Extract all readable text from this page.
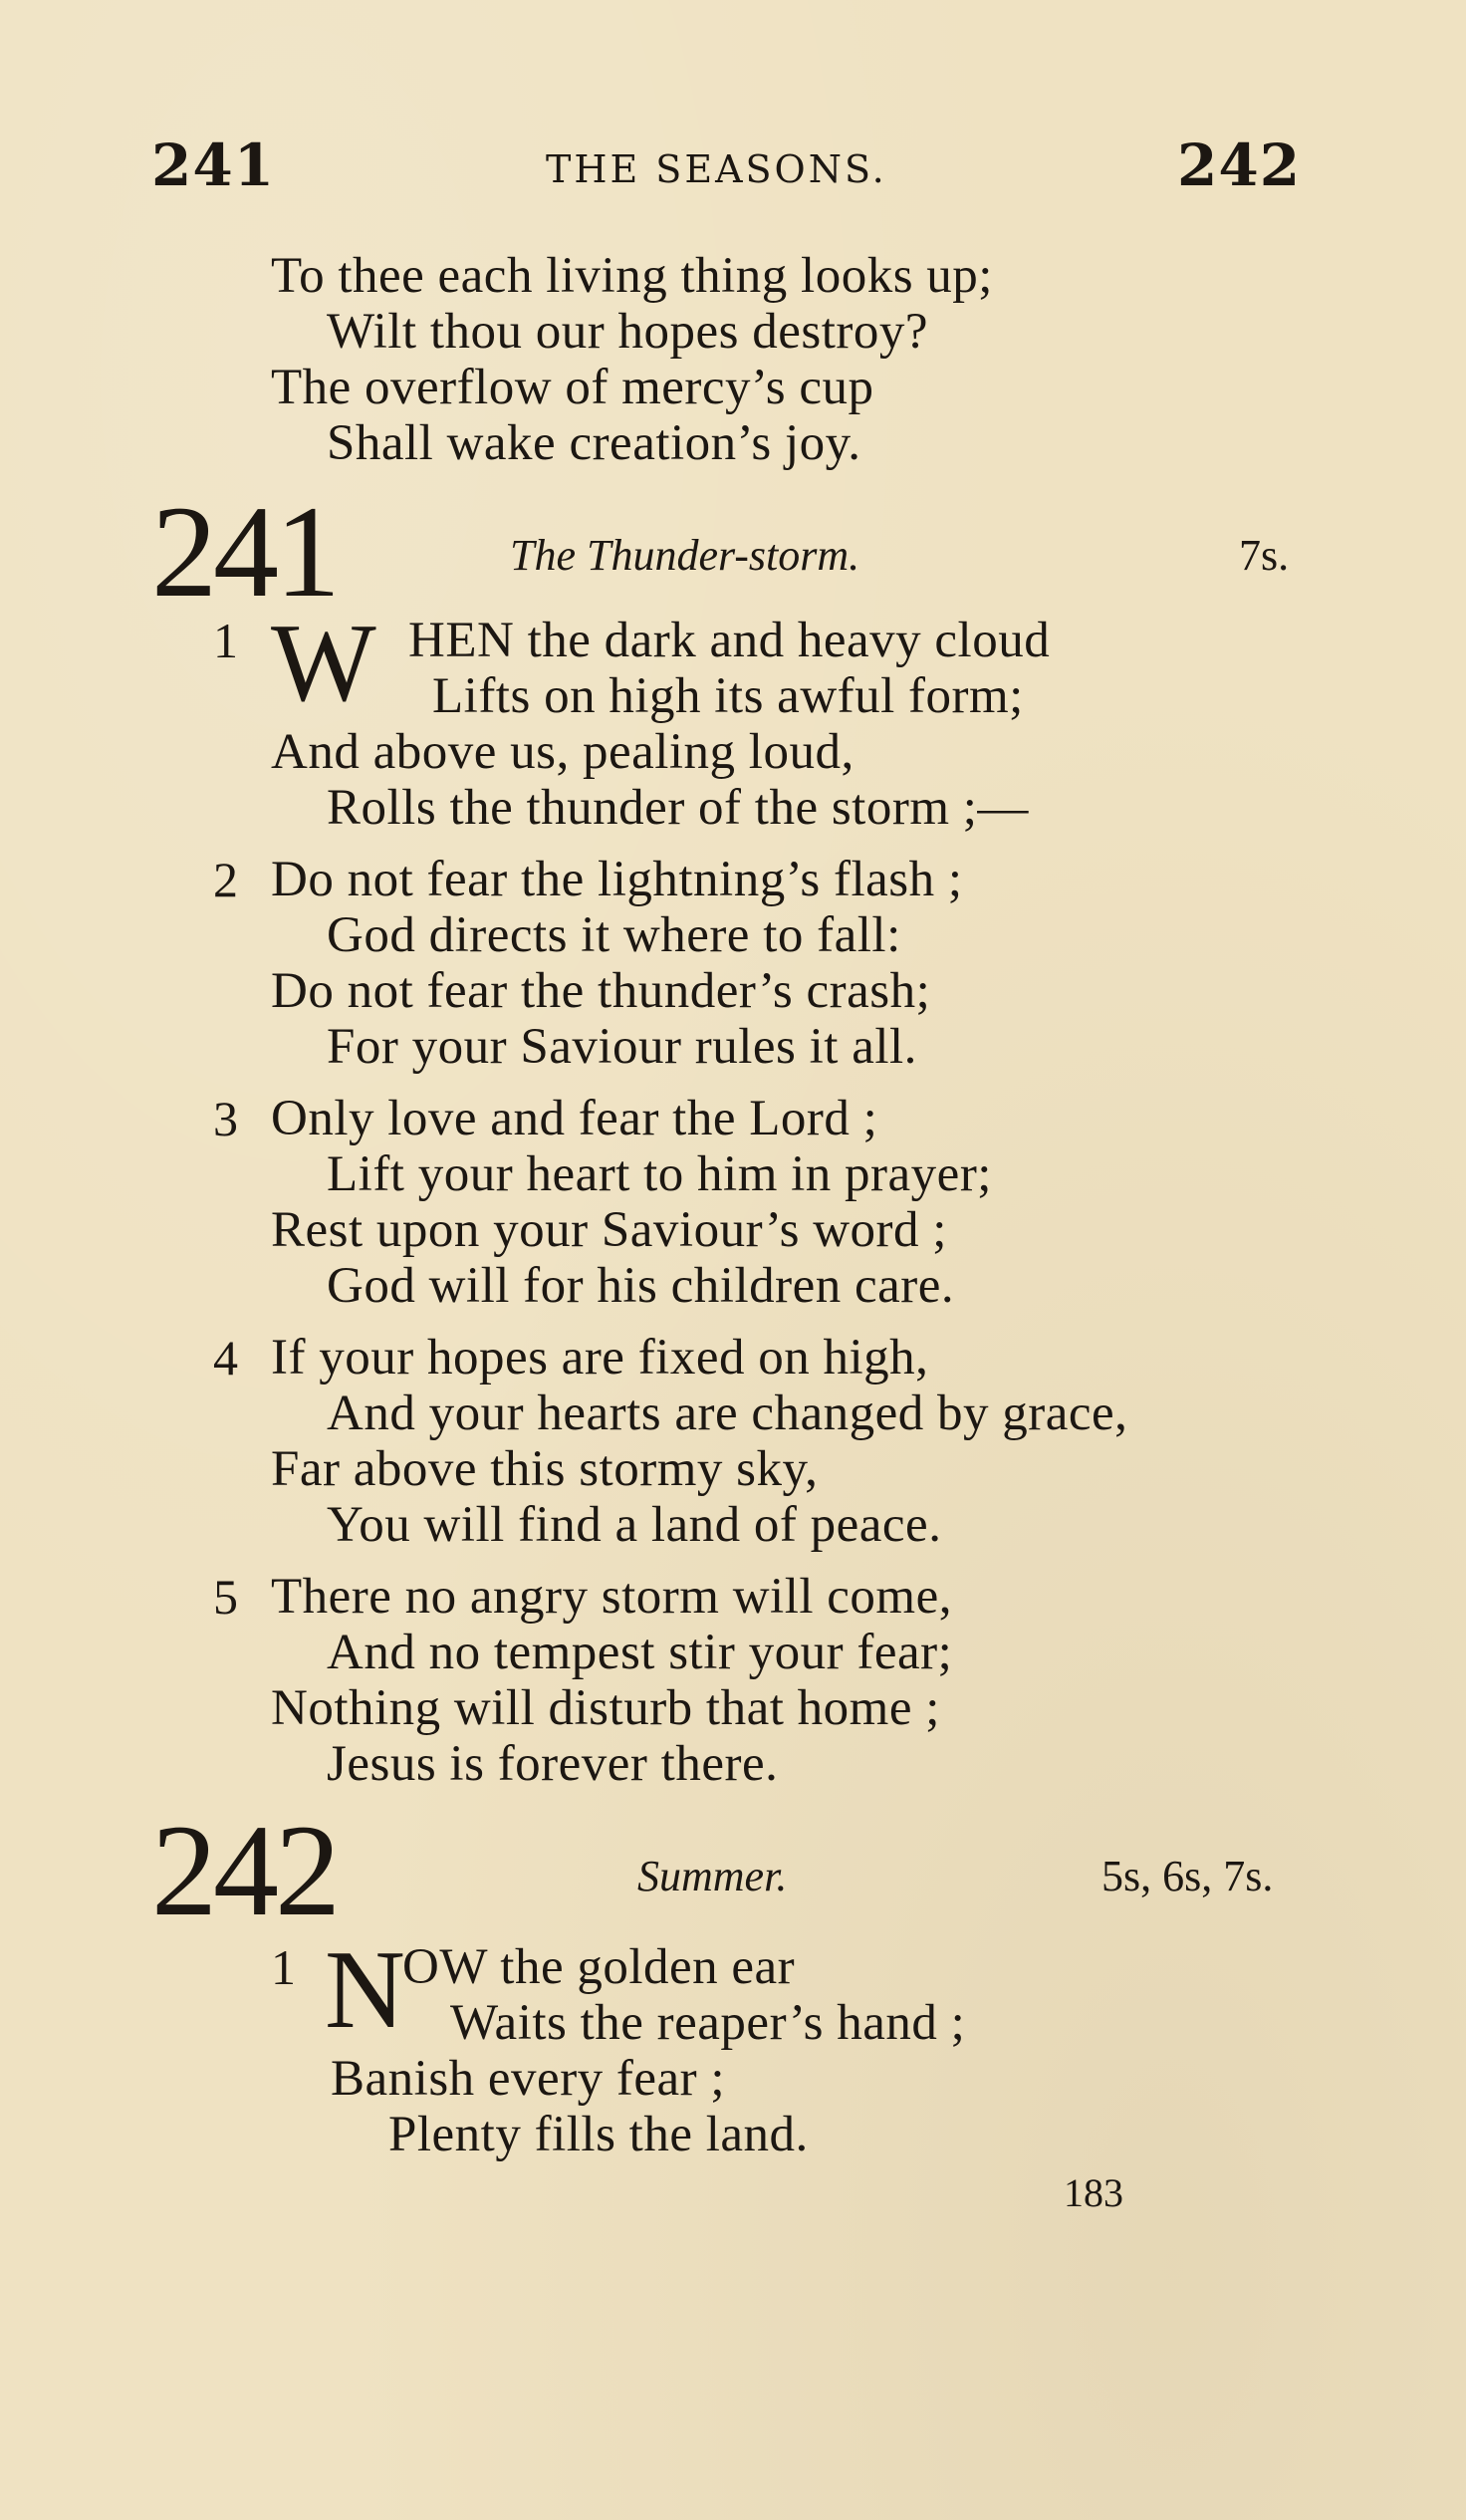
241	THE SEASONS.	242
To thee each living thing looks up;
Wilt thou our hopes destroy?
The overflow of mercy’s cup
Shall wake creation’s joy.
241	The Thunder-storm.	7s.
1 W HEN the dark and heavy cloud
Lifts on high its awful form;
And above us, pealing loud,
Rolls the thunder of the storm ;—
2 Do not fear the lightning’s flash ;
God directs it where to fall:
Do not fear the thunder’s crash;
For your Saviour rules it all.
3 Only love and fear the Lord ;
Lift your heart to him in prayer;
Rest upon your Saviour’s word ;
God will for his children care.
4 If your hopes are fixed on high,
And your hearts are changed by grace,
Far above this stormy sky,
You will find a land of peace.
5 There no angry storm will come,
And no tempest stir your fear;
Nothing will disturb that home ;
Jesus is forever there.
242	Summer.	5s, 6s, 7s.
1 N
OW the golden ear
Waits the reaper’s hand ;
Banish every fear ;
Plenty fills the land.
183
